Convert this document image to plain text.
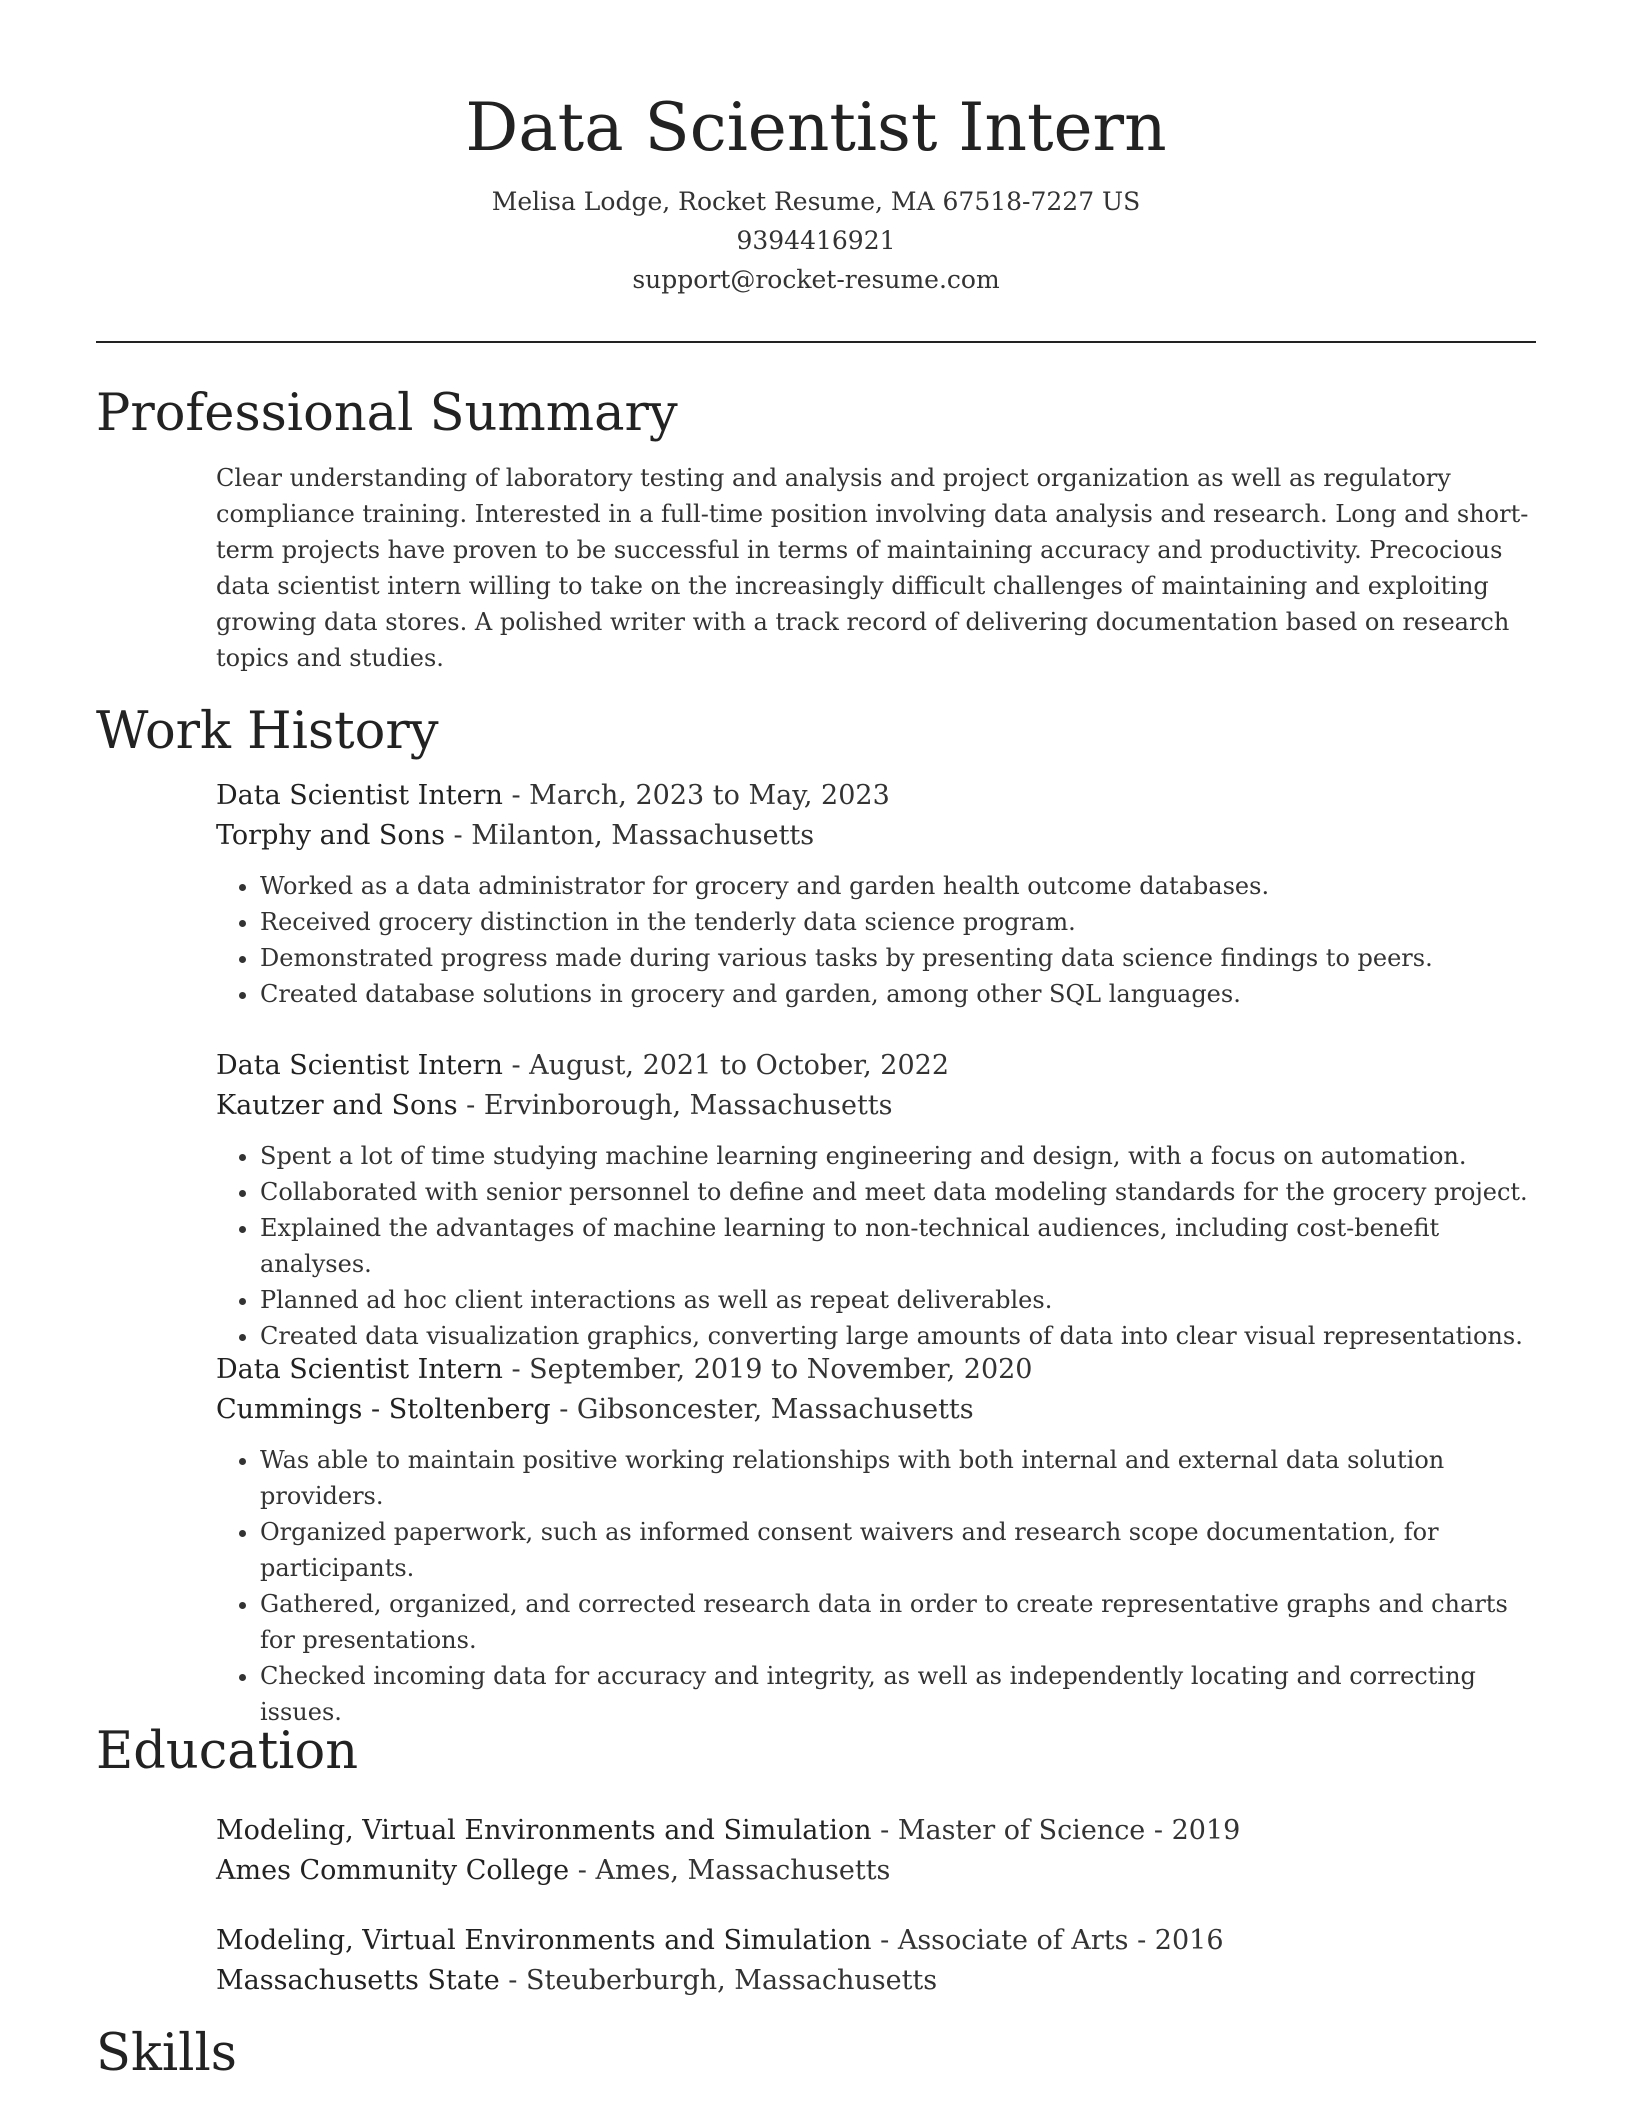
Data Scientist Intern
Melisa Lodge, Rocket Resume, MA 67518-7227 US
9394416921
support@rocket-resume.com
Professional Summary

Clear understanding of laboratory testing and analysis and project organization as well as regulatory compliance training. Interested in a full-time position involving data analysis and research. Long and short-term projects have proven to be successful in terms of maintaining accuracy and productivity. Precocious data scientist intern willing to take on the increasingly difficult challenges of maintaining and exploiting growing data stores. A polished writer with a track record of delivering documentation based on research topics and studies.

Work History
Data Scientist Intern - March, 2023 to May, 2023
Torphy and Sons - Milanton, Massachusetts
• Worked as a data administrator for grocery and garden health outcome databases.
• Received grocery distinction in the tenderly data science program.
• Demonstrated progress made during various tasks by presenting data science findings to peers.
• Created database solutions in grocery and garden, among other SQL languages.
Data Scientist Intern - August, 2021 to October, 2022
Kautzer and Sons - Ervinborough, Massachusetts
• Spent a lot of time studying machine learning engineering and design, with a focus on automation.
• Collaborated with senior personnel to define and meet data modeling standards for the grocery project.
• Explained the advantages of machine learning to non-technical audiences, including cost-benefit analyses.
• Planned ad hoc client interactions as well as repeat deliverables.
• Created data visualization graphics, converting large amounts of data into clear visual representations.
Data Scientist Intern - September, 2019 to November, 2020
Cummings - Stoltenberg - Gibsoncester, Massachusetts
• Was able to maintain positive working relationships with both internal and external data solution providers.
• Organized paperwork, such as informed consent waivers and research scope documentation, for participants.
• Gathered, organized, and corrected research data in order to create representative graphs and charts for presentations.
• Checked incoming data for accuracy and integrity, as well as independently locating and correcting issues.
Education
Modeling, Virtual Environments and Simulation - Master of Science - 2019
Ames Community College - Ames, Massachusetts
Modeling, Virtual Environments and Simulation - Associate of Arts - 2016
Massachusetts State - Steuberburgh, Massachusetts
Skills
